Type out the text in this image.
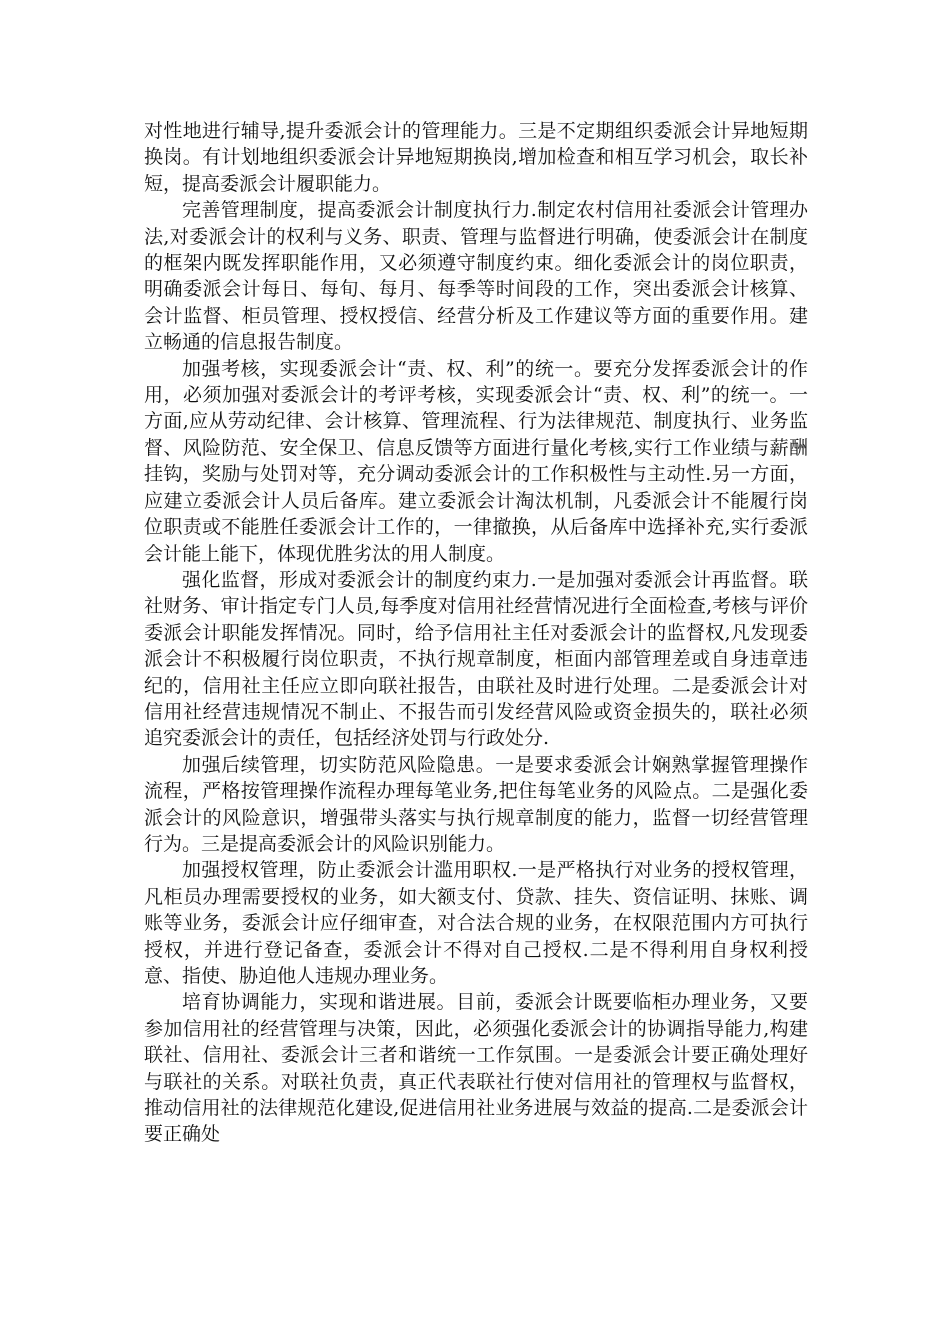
对性地进行辅导,提升委派会计的管理能力。三是不定期组织委派会计异地短期换岗。有计划地组织委派会计异地短期换岗,增加检查和相互学习机会，取长补短，提高委派会计履职能力。

完善管理制度，提高委派会计制度执行力.制定农村信用社委派会计管理办法,对委派会计的权利与义务、职责、管理与监督进行明确，使委派会计在制度的框架内既发挥职能作用，又必须遵守制度约束。细化委派会计的岗位职责，明确委派会计每日、每旬、每月、每季等时间段的工作，突出委派会计核算、会计监督、柜员管理、授权授信、经营分析及工作建议等方面的重要作用。建立畅通的信息报告制度。

加强考核，实现委派会计“责、权、利”的统一。要充分发挥委派会计的作用，必须加强对委派会计的考评考核，实现委派会计“责、权、利”的统一。一方面,应从劳动纪律、会计核算、管理流程、行为法律规范、制度执行、业务监督、风险防范、安全保卫、信息反馈等方面进行量化考核,实行工作业绩与薪酬挂钩，奖励与处罚对等，充分调动委派会计的工作积极性与主动性.另一方面，应建立委派会计人员后备库。建立委派会计淘汰机制，凡委派会计不能履行岗位职责或不能胜任委派会计工作的，一律撤换，从后备库中选择补充,实行委派会计能上能下，体现优胜劣汰的用人制度。

强化监督，形成对委派会计的制度约束力.一是加强对委派会计再监督。联社财务、审计指定专门人员,每季度对信用社经营情况进行全面检查,考核与评价委派会计职能发挥情况。同时，给予信用社主任对委派会计的监督权,凡发现委派会计不积极履行岗位职责，不执行规章制度，柜面内部管理差或自身违章违纪的，信用社主任应立即向联社报告，由联社及时进行处理。二是委派会计对信用社经营违规情况不制止、不报告而引发经营风险或资金损失的，联社必须追究委派会计的责任，包括经济处罚与行政处分.

加强后续管理，切实防范风险隐患。一是要求委派会计娴熟掌握管理操作流程，严格按管理操作流程办理每笔业务,把住每笔业务的风险点。二是强化委派会计的风险意识，增强带头落实与执行规章制度的能力，监督一切经营管理行为。三是提高委派会计的风险识别能力。

加强授权管理，防止委派会计滥用职权.一是严格执行对业务的授权管理，凡柜员办理需要授权的业务，如大额支付、贷款、挂失、资信证明、抹账、调账等业务，委派会计应仔细审查，对合法合规的业务，在权限范围内方可执行授权，并进行登记备查，委派会计不得对自己授权.二是不得利用自身权利授意、指使、胁迫他人违规办理业务。

培育协调能力，实现和谐进展。目前，委派会计既要临柜办理业务，又要参加信用社的经营管理与决策，因此，必须强化委派会计的协调指导能力,构建联社、信用社、委派会计三者和谐统一工作氛围。一是委派会计要正确处理好与联社的关系。对联社负责，真正代表联社行使对信用社的管理权与监督权，推动信用社的法律规范化建设,促进信用社业务进展与效益的提高.二是委派会计要正确处
